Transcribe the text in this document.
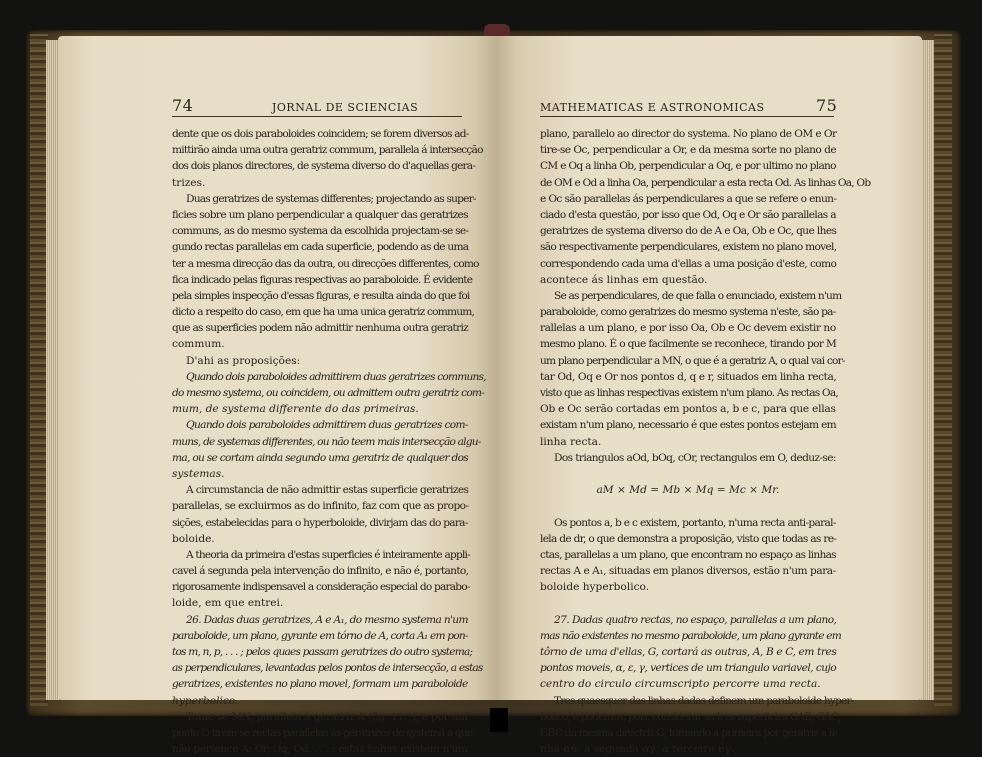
74	JORNAL DE SCIENCIAS
dente que os dois paraboloides coincidem; se forem diversos ad-
mittirão ainda uma outra geratriz commum, parallela á intersecção
dos dois planos directores, de systema diverso do d'aquellas gera-
trizes.
Duas geratrizes de systemas differentes; projectando as super-
ficies sobre um plano perpendicular a qualquer das geratrizes
communs, as do mesmo systema da escolhida projectam-se se-
gundo rectas parallelas em cada superficie, podendo as de uma
ter a mesma direcção das da outra, ou direcções differentes, como
fica indicado pelas figuras respectivas ao paraboloide. É evidente
pela simples inspecção d'essas figuras, e resulta ainda do que foi
dicto a respeito do caso, em que ha uma unica geratriz commum,
que as superficies podem não admittir nenhuma outra geratriz
commum.
D'ahi as proposições:
Quando dois paraboloides admittirem duas geratrizes communs,
do mesmo systema, ou coincidem, ou admittem outra geratriz com-
mum, de systema differente do das primeiras.
Quando dois paraboloides admittirem duas geratrizes com-
muns, de systemas differentes, ou não teem mais intersecção algu-
ma, ou se cortam ainda segundo uma geratriz de qualquer dos
systemas.
A circumstancia de não admittir estas superficie geratrizes
parallelas, se excluirmos as do infinito, faz com que as propo-
sições, estabelecidas para o hyperboloide, divirjam das do para-
boloide.
A theoria da primeira d'estas superficies é inteiramente appli-
cavel á segunda pela intervenção do infinito, e não é, portanto,
rigorosamente indispensavel a consideração especial do parabo-
loide, em que entrei.
26. Dadas duas geratrizes, A e A₁, do mesmo systema n'um
paraboloide, um plano, gyrante em tórno de A, corta A₁ em pon-
tos m, n, p, . . . ; pelos quaes passam geratrizes do outro systema;
as perpendiculares, levantadas pelos pontos de intersecção, a estas
geratrizes, existentes no plano movel, formam um paraboloide
hyperbolico.
Tome-se MN, parallela á geratriz A (fig. 11.ª), e por um
ponto O tirem-se rectas parallelas ás geratrizes do systema a que
não pertence A: Or, Oq, Od, . . . ; estas linhas existem n'um
MATHEMATICAS E ASTRONOMICAS	75
plano, parallelo ao director do systema. No plano de OM e Or
tire-se Oc, perpendicular a Or, e da mesma sorte no plano de
CM e Oq a linha Ob, perpendicular a Oq, e por ultimo no plano
de OM e Od a linha Oa, perpendicular a esta recta Od. As linhas Oa, Ob
e Oc são parallelas ás perpendiculares a que se refere o enun-
ciado d'esta questão, por isso que Od, Oq e Or são parallelas a
geratrizes de systema diverso do de A e Oa, Ob e Oc, que lhes
são respectivamente perpendiculares, existem no plano movel,
correspondendo cada uma d'ellas a uma posição d'este, como
acontece ás linhas em questão.
Se as perpendiculares, de que falla o enunciado, existem n'um
paraboloide, como geratrizes do mesmo systema n'este, são pa-
rallelas a um plano, e por isso Oa, Ob e Oc devem existir no
mesmo plano. É o que facilmente se reconhece, tirando por M
um plano perpendicular a MN, o que é a geratriz A, o qual vai cor-
tar Od, Oq e Or nos pontos d, q e r, situados em linha recta,
visto que as linhas respectivas existem n'um plano. As rectas Oa,
Ob e Oc serão cortadas em pontos a, b e c, para que ellas
existam n'um plano, necessario é que estes pontos estejam em
linha recta.
Dos triangulos aOd, bOq, cOr, rectangulos em O, deduz-se:
aM × Md = Mb × Mq = Mc × Mr.
Os pontos a, b e c existem, portanto, n'uma recta anti-paral-
lela de dr, o que demonstra a proposição, visto que todas as re-
ctas, parallelas a um plano, que encontram no espaço as linhas
rectas A e A₁, situadas em planos diversos, estão n'um para-
boloide hyperbolico.
27. Dadas quatro rectas, no espaço, parallelas a um plano,
mas não existentes no mesmo paraboloide, um plano gyrante em
tôrno de uma d'ellas, G, cortará as outras, A, B e C, em tres
pontos moveis, α, ε, γ, vertices de um triangulo variavel, cujo
centro do circulo circumscripto percorre uma recta.
Tres quaesquer das linhas dadas definem um paraboloide hyper-
bolico, e podemos, pois, considerar as tres superficies GAB, GAC,
GBC da mesma directriz G, tomando a primeira por geratriz a li-
nha α6, a segunda αγ, a terceira 6γ.
